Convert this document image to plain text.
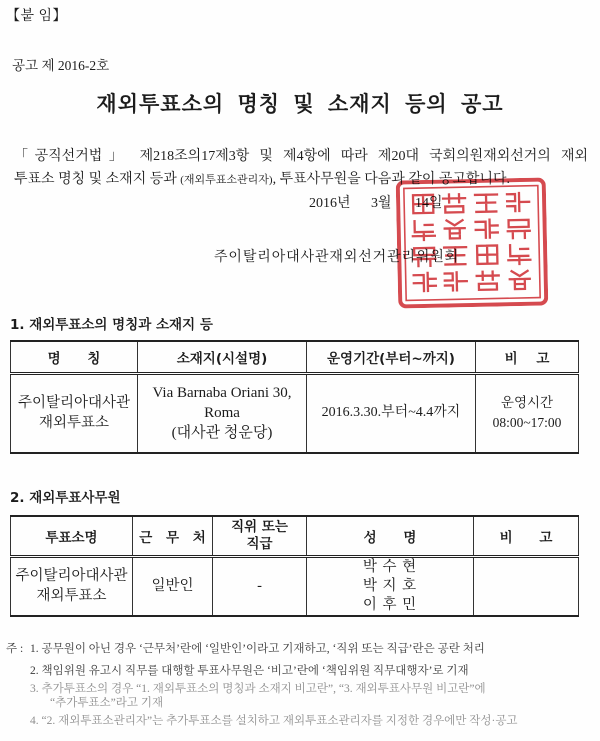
【붙 임】
공고 제 2016-2호
재외투표소의 명칭 및 소재지 등의 공고
「공직선거법」 제218조의17제3항 및 제4항에 따라 제20대 국회의원재외선거의 재외
투표소 명칭 및 소재지 등과 (재외투표소관리자), 투표사무원을 다음과 같이 공고합니다.
2016년 3월 14일
주이탈리아대사관재외선거관리위원회
1. 재외투표소의 명칭과 소재지 등
명 칭	소재지(시설명)	운영기간(부터~까지)	비 고

주이탈리아대사관
재외투표소	Via Barnaba Oriani 30,
Roma
(대사관 청운당)	2016.3.30.부터~4.4까지	운영시간
08:00~17:00
2. 재외투표사무원
투표소명	근 무 처	직위 또는
직급	성 명	비 고

주이탈리아대사관
재외투표소	일반인	-	박 수 현
박 지 호
이 후 민	

주 : 1. 공무원이 아닌 경우 ‘근무처’란에 ‘일반인’이라고 기재하고, ‘직위 또는 직급’란은 공란 처리
2. 책임위원 유고시 직무를 대행할 투표사무원은 ‘비고’란에 ‘책임위원 직무대행자’로 기재
3. 추가투표소의 경우 “1. 재외투표소의 명칭과 소재지 비고란”, “3. 재외투표사무원 비고란”에
“추가투표소”라고 기재
4. “2. 재외투표소관리자”는 추가투표소를 설치하고 재외투표소관리자를 지정한 경우에만 작성·공고
